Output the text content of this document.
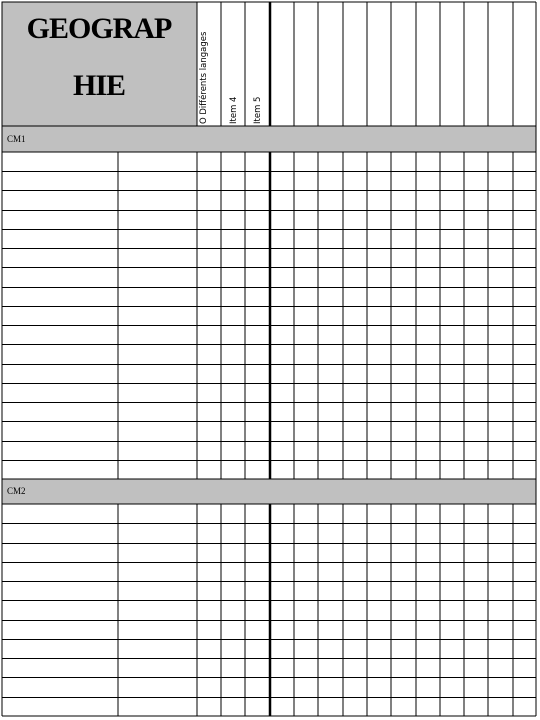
GEOGRAP
HIE	O Différents langages Item 4 Item 5
CM1
CM2
